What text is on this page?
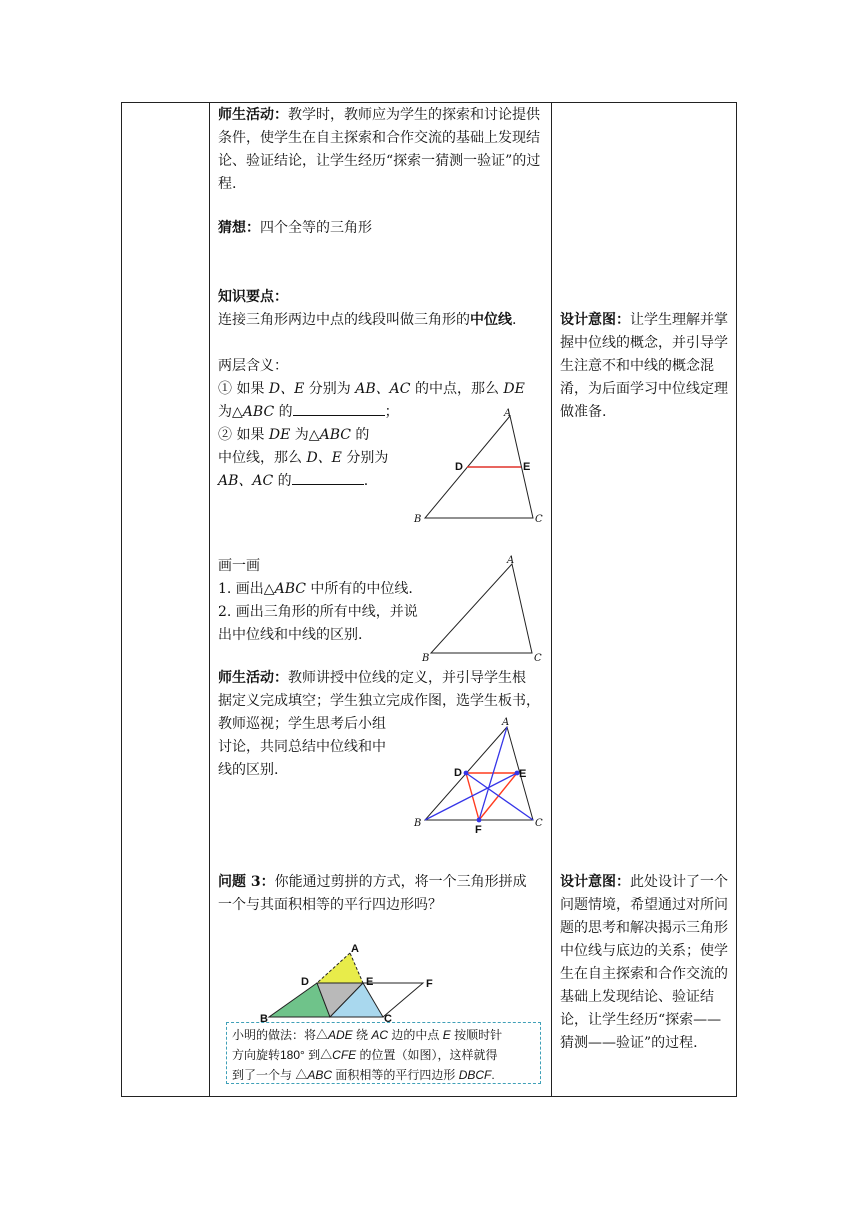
师生活动：教学时，教师应为学生的探索和讨论提供条件，使学生在自主探索和合作交流的基础上发现结论、验证结论，让学生经历“探索一猜测一验证”的过程.
猜想：四个全等的三角形
知识要点：
连接三角形两边中点的线段叫做三角形的中位线.
两层含义：
① 如果 D、E 分别为 AB、AC 的中点，那么 DE
为△ABC 的	；
② 如果 DE 为△ABC 的
中位线，那么 D、E 分别为
AB、AC 的	.
A
B	C
D	E
画一画
1. 画出△ABC 中所有的中位线.
2. 画出三角形的所有中线，并说
出中位线和中线的区别.
A
B	C
师生活动：教师讲授中位线的定义，并引导学生根
据定义完成填空；学生独立完成作图，选学生板书，
教师巡视；学生思考后小组
讨论，共同总结中位线和中
线的区别.
A
B	C
D	E
F
问题 3：你能通过剪拼的方式，将一个三角形拼成
一个与其面积相等的平行四边形吗？
A
D	E	F
B	C
小明的做法：将△ADE 绕 AC 边的中点 E 按顺时针
方向旋转180° 到△CFE 的位置（如图），这样就得
到了一个与 △ABC 面积相等的平行四边形 DBCF.
设计意图：让学生理解并掌握中位线的概念，并引导学生注意不和中线的概念混淆，为后面学习中位线定理做准备.
设计意图：此处设计了一个问题情境，希望通过对所问题的思考和解决揭示三角形中位线与底边的关系；使学生在自主探索和合作交流的基础上发现结论、验证结论，让学生经历“探索——猜测——验证”的过程.
